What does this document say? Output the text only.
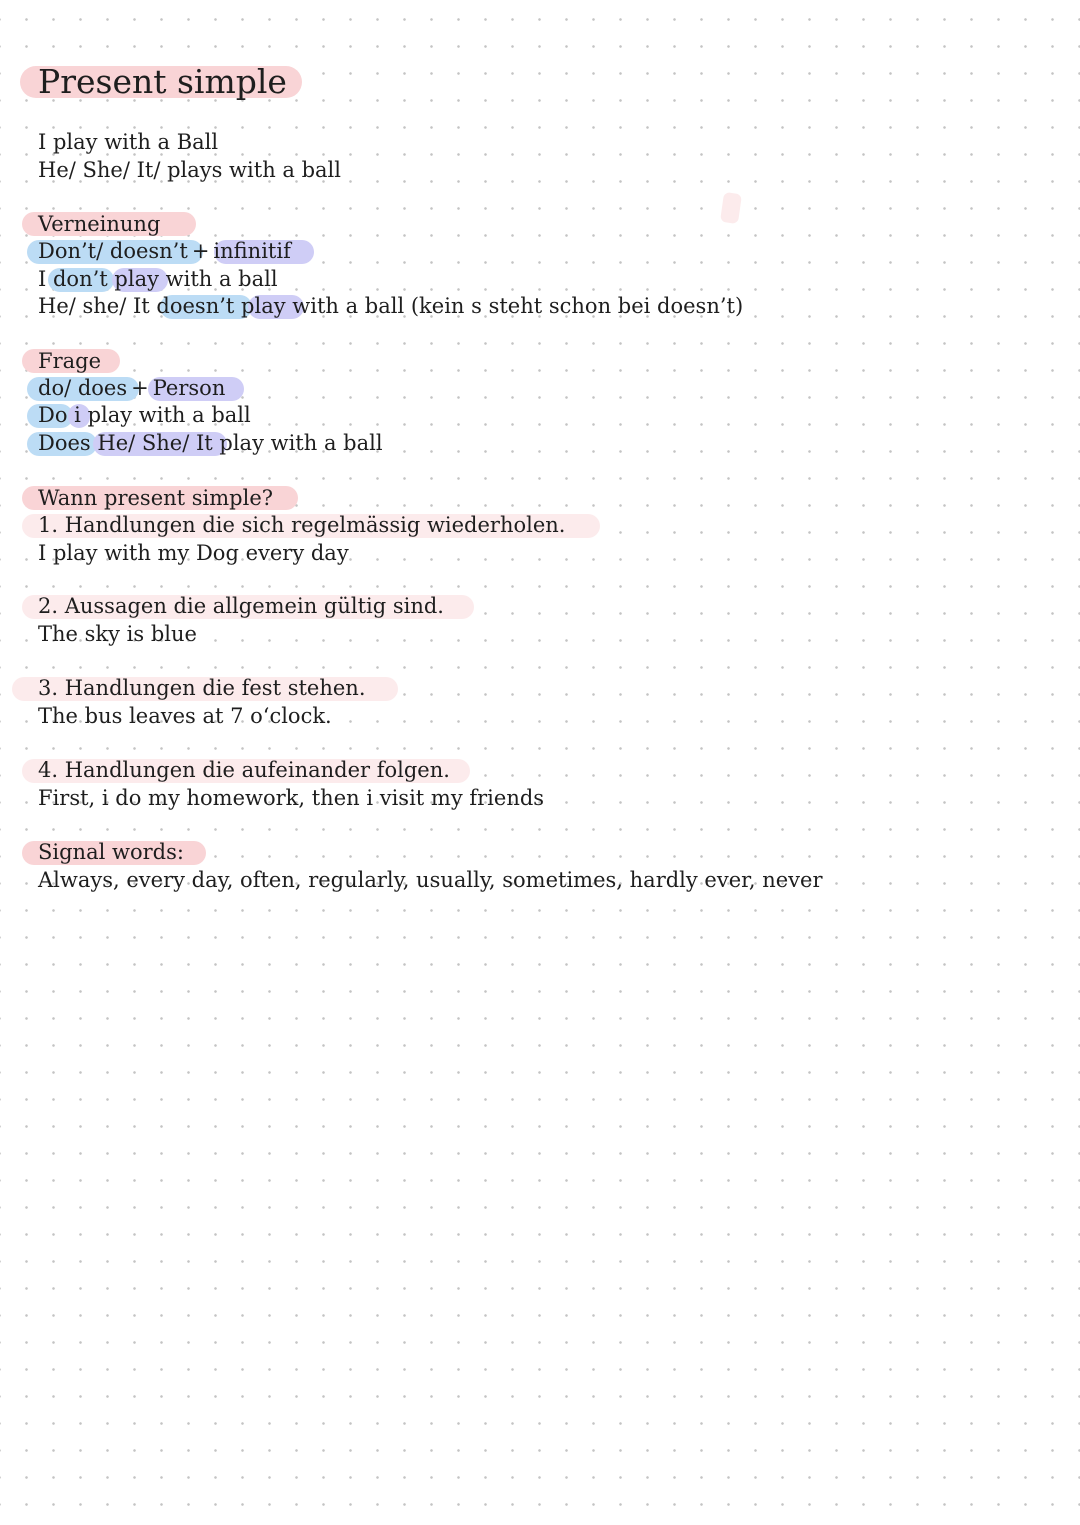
Present simple
I play with a Ball
He/ She/ It/ plays with a ball
Verneinung
Don’t/ doesn’t + infinitif
I don’t play with a ball
He/ she/ It doesn’t play with a ball (kein s steht schon bei doesn’t)
Frage
do/ does + Person
Do i play with a ball
Does He/ She/ It play with a ball
Wann present simple?
1. Handlungen die sich regelmässig wiederholen.
I play with my Dog every day
2. Aussagen die allgemein gültig sind.
The sky is blue
3. Handlungen die fest stehen.
The bus leaves at 7 o‘clock.
4. Handlungen die aufeinander folgen.
First, i do my homework, then i visit my friends
Signal words:
Always, every day, often, regularly, usually, sometimes, hardly ever, never
